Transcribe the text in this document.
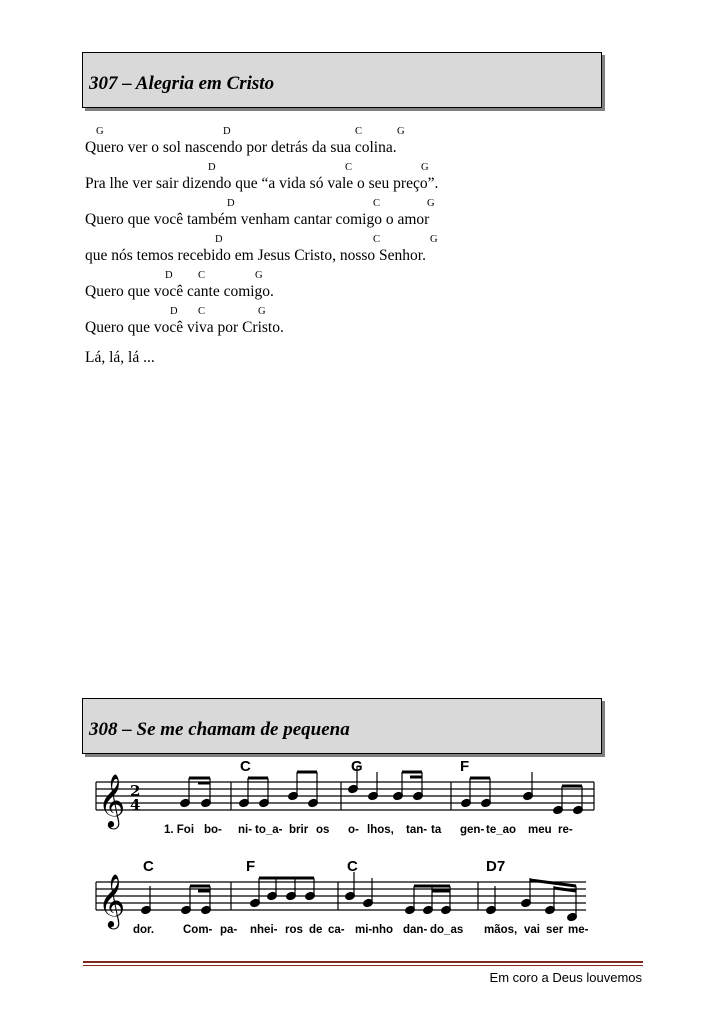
307 – Alegria em Cristo
G	D	C	G
Quero ver o sol nascendo por detrás da sua colina.
D	C	G
Pra lhe ver sair dizendo que “a vida só vale o seu preço”.
D	C	G
Quero que você também venham cantar comigo o amor
D	C	G
que nós temos recebido em Jesus Cristo, nosso Senhor.
D C	G
Quero que você cante comigo.
D C	G
Quero que você viva por Cristo.
Lá, lá, lá ...
308 – Se me chamam de pequena
𝄞 2
4
C	G	F
1. Foi bo- ni- to_a- brir os o- lhos, tan- ta gen- te_ao meu re-
𝄞
C	F	C	D7
dor.	Com- pa- nhei- ros de ca- mi- nho dan- do_as mãos, vai ser me-
Em coro a Deus louvemos
